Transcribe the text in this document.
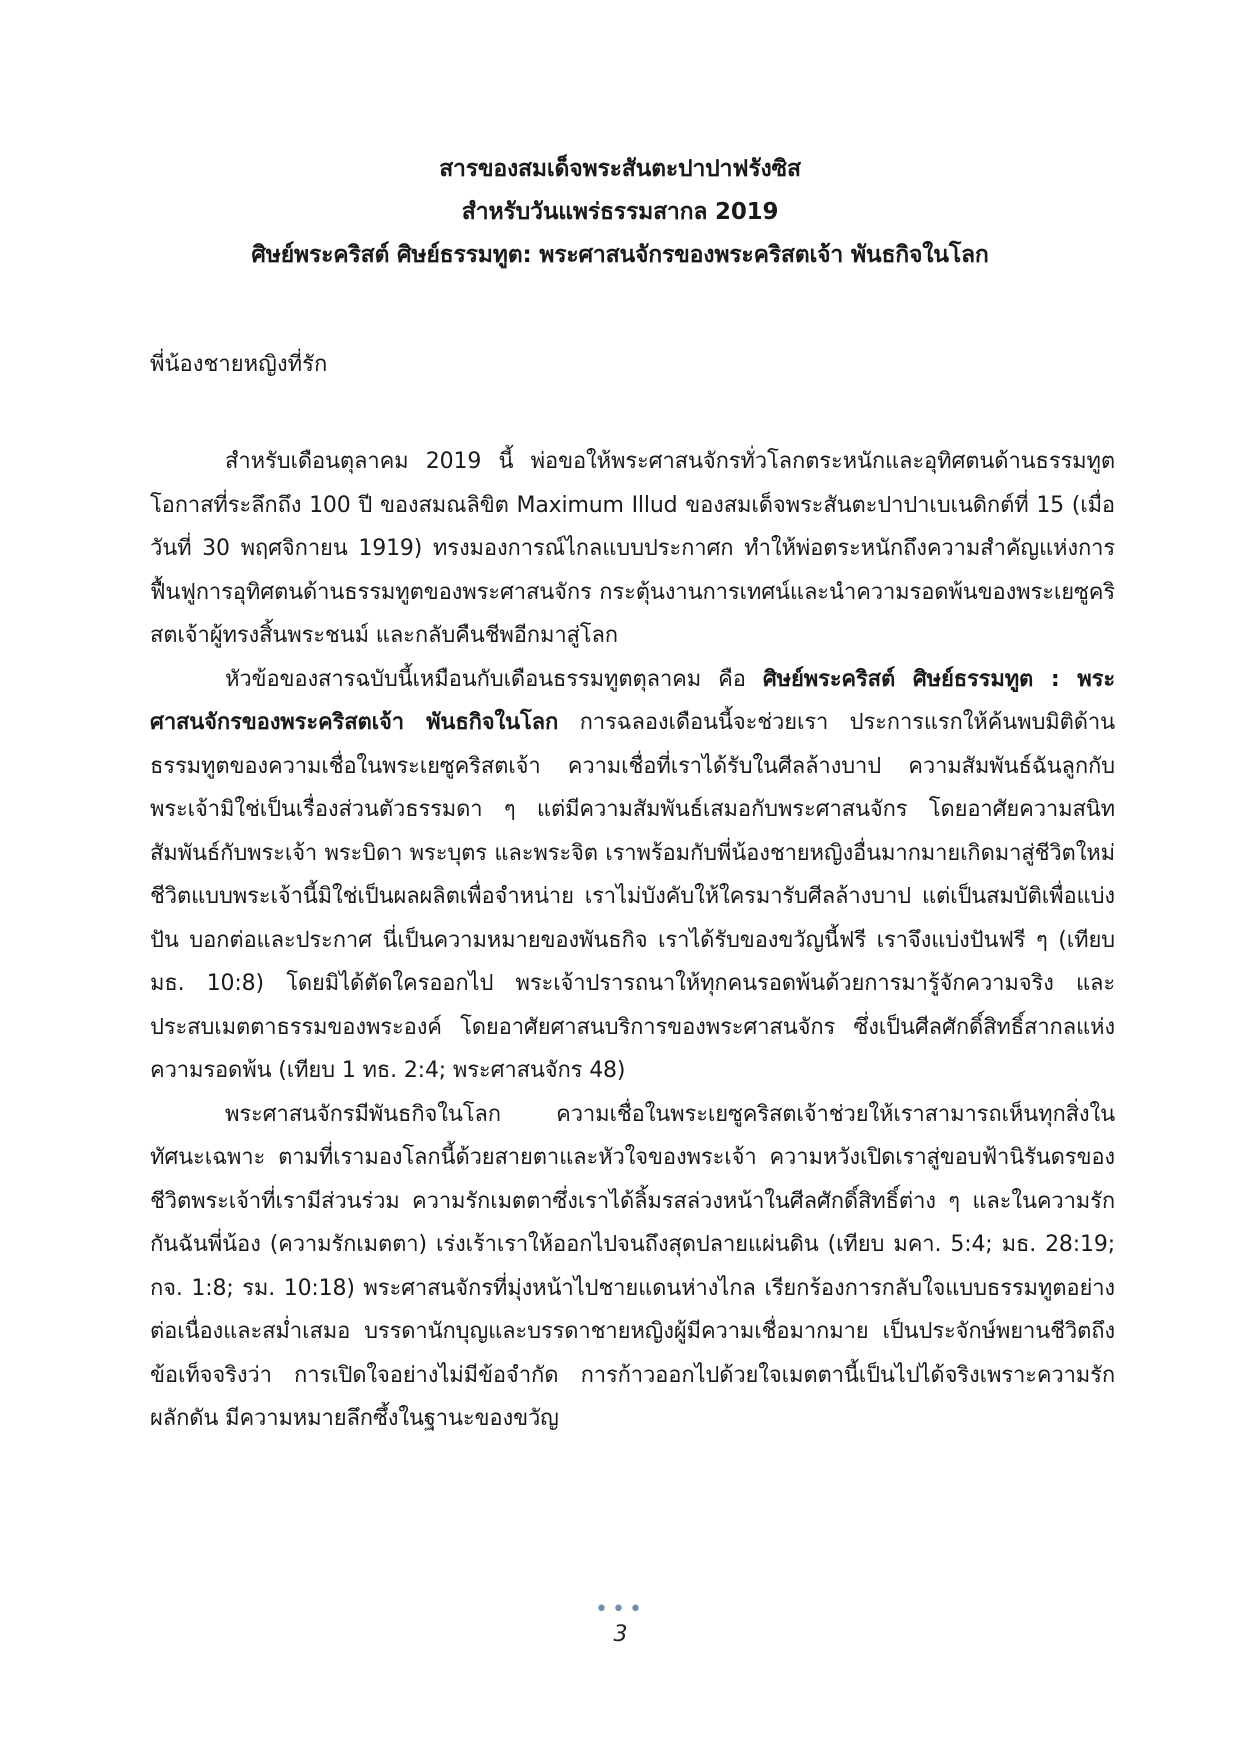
สารของสมเด็จพระสันตะปาปาฟรังซิส
สำหรับวันแพร่ธรรมสากล 2019
ศิษย์พระคริสต์ ศิษย์ธรรมทูต: พระศาสนจักรของพระคริสตเจ้า พันธกิจในโลก
พี่น้องชายหญิงที่รัก

สำหรับเดือนตุลาคม 2019 นี้ พ่อขอให้พระศาสนจักรทั่วโลกตระหนักและอุทิศตนด้านธรรมทูต โอกาสที่ระลึกถึง 100 ปี ของสมณลิขิต Maximum Illud ของสมเด็จพระสันตะปาปาเบเนดิกต์ที่ 15 (เมื่อวันที่ 30 พฤศจิกายน 1919) ทรงมองการณ์ไกลแบบประกาศก ทำให้พ่อตระหนักถึงความสำคัญแห่งการฟื้นฟูการอุทิศตนด้านธรรมทูตของพระศาสนจักร กระตุ้นงานการเทศน์และนำความรอดพ้นของพระเยซูคริสตเจ้าผู้ทรงสิ้นพระชนม์ และกลับคืนชีพอีกมาสู่โลก

หัวข้อของสารฉบับนี้เหมือนกับเดือนธรรมทูตตุลาคม คือ ศิษย์พระคริสต์ ศิษย์ธรรมทูต : พระศาสนจักรของพระคริสตเจ้า พันธกิจในโลก การฉลองเดือนนี้จะช่วยเรา ประการแรกให้ค้นพบมิติด้านธรรมทูตของความเชื่อในพระเยซูคริสตเจ้า ความเชื่อที่เราได้รับในศีลล้างบาป ความสัมพันธ์ฉันลูกกับพระเจ้ามิใช่เป็นเรื่องส่วนตัวธรรมดา ๆ แต่มีความสัมพันธ์เสมอกับพระศาสนจักร โดยอาศัยความสนิทสัมพันธ์กับพระเจ้า พระบิดา พระบุตร และพระจิต เราพร้อมกับพี่น้องชายหญิงอื่นมากมายเกิดมาสู่ชีวิตใหม่ ชีวิตแบบพระเจ้านี้มิใช่เป็นผลผลิตเพื่อจำหน่าย เราไม่บังคับให้ใครมารับศีลล้างบาป แต่เป็นสมบัติเพื่อแบ่งปัน บอกต่อและประกาศ นี่เป็นความหมายของพันธกิจ เราได้รับของขวัญนี้ฟรี เราจึงแบ่งปันฟรี ๆ (เทียบ มธ. 10:8) โดยมิได้ตัดใครออกไป พระเจ้าปรารถนาให้ทุกคนรอดพ้นด้วยการมารู้จักความจริง และประสบเมตตาธรรมของพระองค์ โดยอาศัยศาสนบริการของพระศาสนจักร ซึ่งเป็นศีลศักดิ์สิทธิ์สากลแห่งความรอดพ้น (เทียบ 1 ทธ. 2:4; พระศาสนจักร 48)

พระศาสนจักรมีพันธกิจในโลก ความเชื่อในพระเยซูคริสตเจ้าช่วยให้เราสามารถเห็นทุกสิ่งในทัศนะเฉพาะ ตามที่เรามองโลกนี้ด้วยสายตาและหัวใจของพระเจ้า ความหวังเปิดเราสู่ขอบฟ้านิรันดรของชีวิตพระเจ้าที่เรามีส่วนร่วม ความรักเมตตาซึ่งเราได้ลิ้มรสล่วงหน้าในศีลศักดิ์สิทธิ์ต่าง ๆ และในความรักกันฉันพี่น้อง (ความรักเมตตา) เร่งเร้าเราให้ออกไปจนถึงสุดปลายแผ่นดิน (เทียบ มคา. 5:4; มธ. 28:19; กจ. 1:8; รม. 10:18) พระศาสนจักรที่มุ่งหน้าไปชายแดนห่างไกล เรียกร้องการกลับใจแบบธรรมทูตอย่างต่อเนื่องและสม่ำเสมอ บรรดานักบุญและบรรดาชายหญิงผู้มีความเชื่อมากมาย เป็นประจักษ์พยานชีวิตถึงข้อเท็จจริงว่า การเปิดใจอย่างไม่มีข้อจำกัด การก้าวออกไปด้วยใจเมตตานี้เป็นไปได้จริงเพราะความรักผลักดัน มีความหมายลึกซึ้งในฐานะของขวัญ

•••
3
